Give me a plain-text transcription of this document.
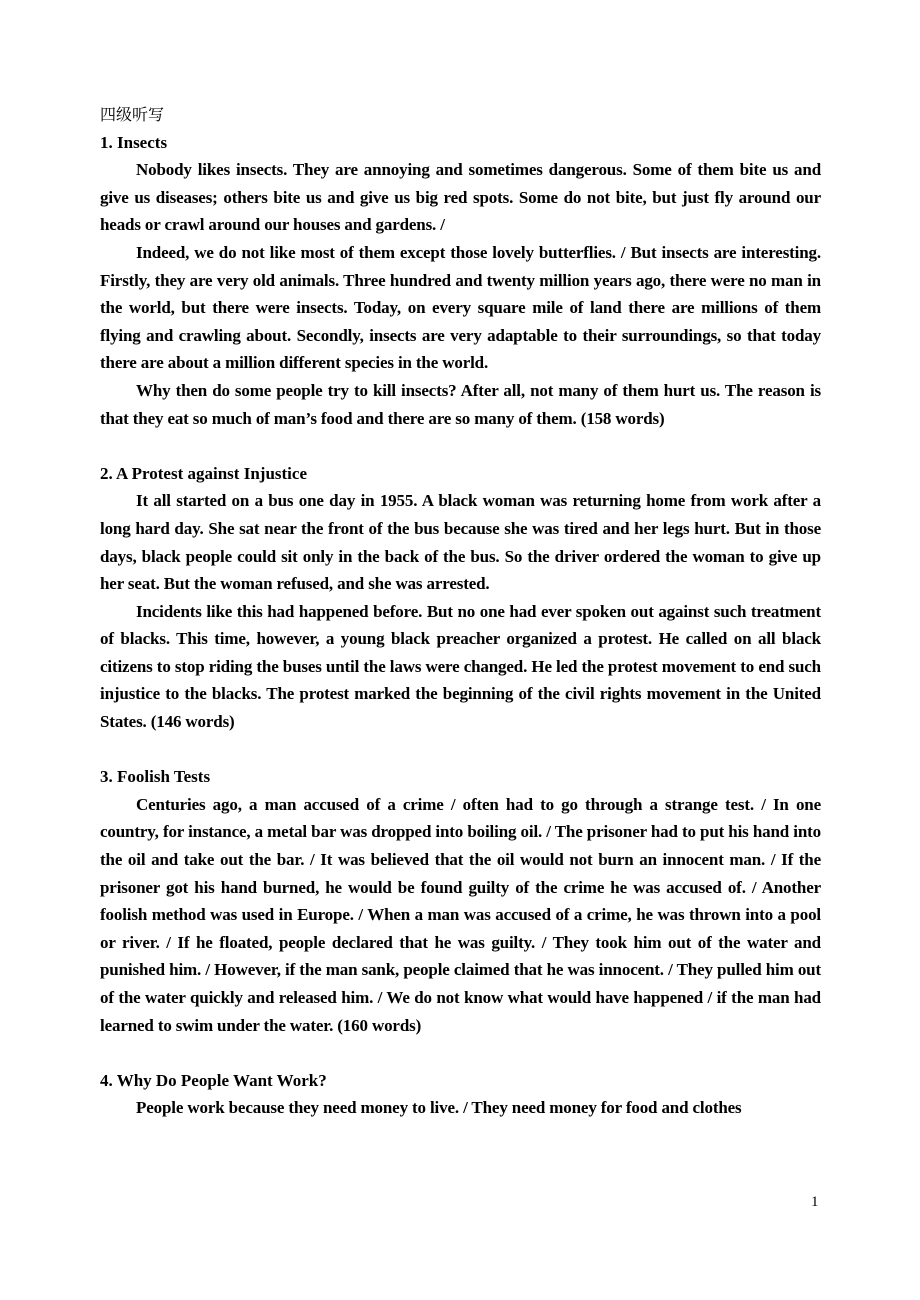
四级听写

1. Insects

Nobody likes insects. They are annoying and sometimes dangerous. Some of them bite us and give us diseases; others bite us and give us big red spots. Some do not bite, but just fly around our heads or crawl around our houses and gardens. /

Indeed, we do not like most of them except those lovely butterflies. / But insects are interesting. Firstly, they are very old animals. Three hundred and twenty million years ago, there were no man in the world, but there were insects. Today, on every square mile of land there are millions of them flying and crawling about. Secondly, insects are very adaptable to their surroundings, so that today there are about a million different species in the world.

Why then do some people try to kill insects? After all, not many of them hurt us. The reason is that they eat so much of man’s food and there are so many of them. (158 words)

2. A Protest against Injustice

It all started on a bus one day in 1955. A black woman was returning home from work after a long hard day. She sat near the front of the bus because she was tired and her legs hurt. But in those days, black people could sit only in the back of the bus. So the driver ordered the woman to give up her seat. But the woman refused, and she was arrested.

Incidents like this had happened before. But no one had ever spoken out against such treatment of blacks. This time, however, a young black preacher organized a protest. He called on all black citizens to stop riding the buses until the laws were changed. He led the protest movement to end such injustice to the blacks. The protest marked the beginning of the civil rights movement in the United States. (146 words)

3. Foolish Tests

Centuries ago, a man accused of a crime / often had to go through a strange test. / In one country, for instance, a metal bar was dropped into boiling oil. / The prisoner had to put his hand into the oil and take out the bar. / It was believed that the oil would not burn an innocent man. / If the prisoner got his hand burned, he would be found guilty of the crime he was accused of. / Another foolish method was used in Europe. / When a man was accused of a crime, he was thrown into a pool or river. / If he floated, people declared that he was guilty. / They took him out of the water and punished him. / However, if the man sank, people claimed that he was innocent. / They pulled him out of the water quickly and released him. / We do not know what would have happened / if the man had learned to swim under the water. (160 words)

4. Why Do People Want Work?

People work because they need money to live. / They need money for food and clothes

1
